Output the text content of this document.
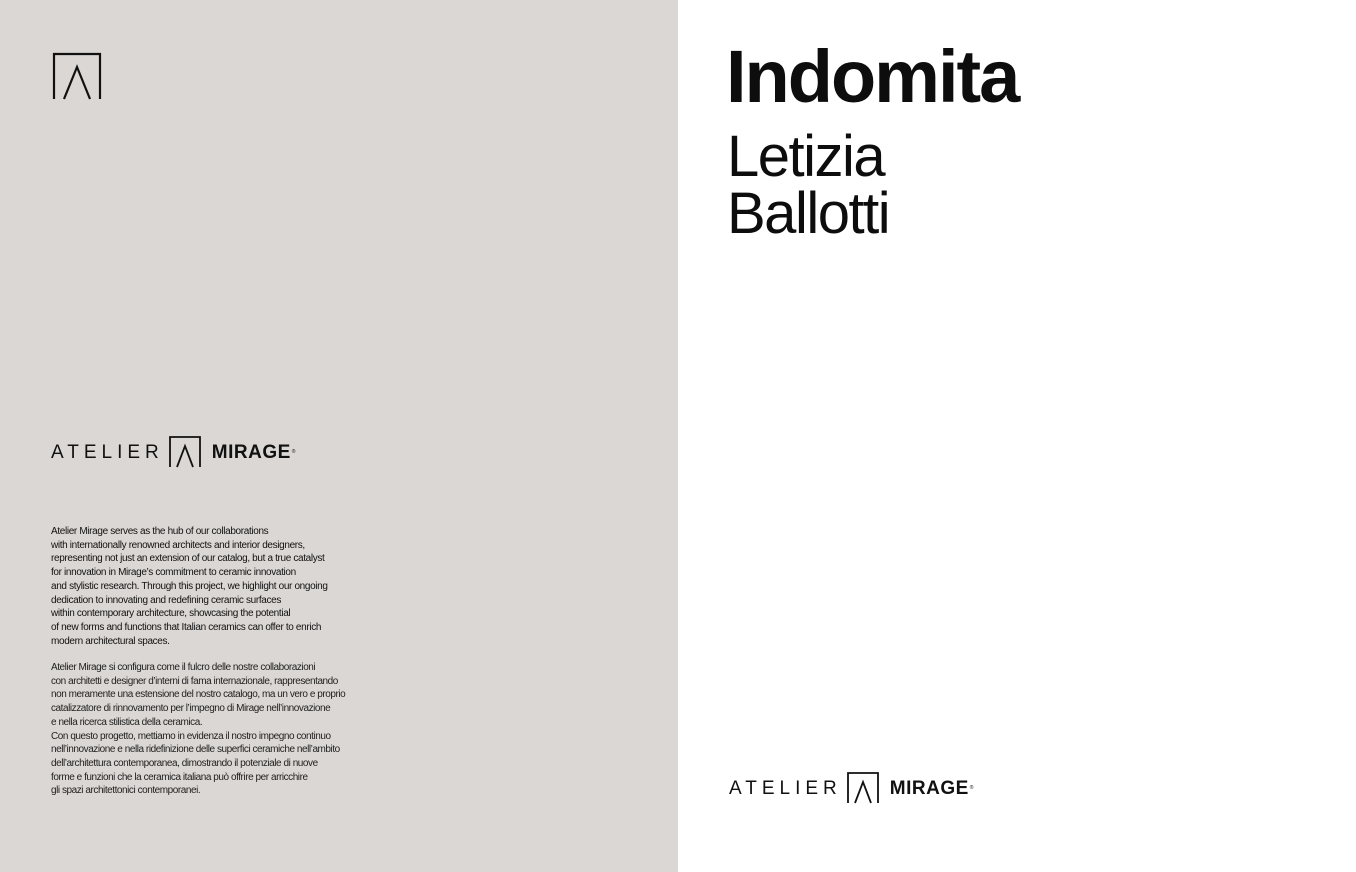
ATELIER	MIRAGE ®

Atelier Mirage serves as the hub of our collaborations
with internationally renowned architects and interior designers,
representing not just an extension of our catalog, but a true catalyst
for innovation in Mirage’s commitment to ceramic innovation
and stylistic research. Through this project, we highlight our ongoing
dedication to innovating and redefining ceramic surfaces
within contemporary architecture, showcasing the potential
of new forms and functions that Italian ceramics can offer to enrich
modern architectural spaces.

Atelier Mirage si configura come il fulcro delle nostre collaborazioni
con architetti e designer d’interni di fama internazionale, rappresentando
non meramente una estensione del nostro catalogo, ma un vero e proprio
catalizzatore di rinnovamento per l’impegno di Mirage nell’innovazione
e nella ricerca stilistica della ceramica.
Con questo progetto, mettiamo in evidenza il nostro impegno continuo
nell’innovazione e nella ridefinizione delle superfici ceramiche nell’ambito
dell’architettura contemporanea, dimostrando il potenziale di nuove
forme e funzioni che la ceramica italiana può offrire per arricchire
gli spazi architettonici contemporanei.

Indomita
Letizia
Ballotti
ATELIER	MIRAGE ®
